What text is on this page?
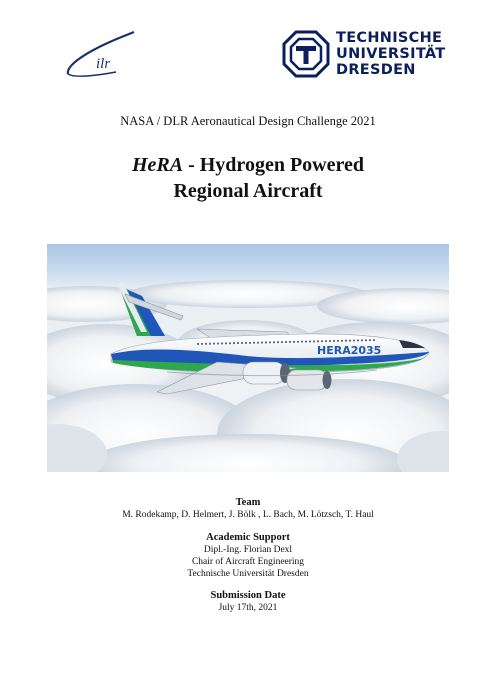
ilr
TECHNISCHE
UNIVERSITÄT
DRESDEN
NASA / DLR Aeronautical Design Challenge 2021
HeRA - Hydrogen Powered
Regional Aircraft
HERA2035
Team
M. Rodekamp, D. Helmert, J. Bölk , L. Bach, M. Lötzsch, T. Haul
Academic Support
Dipl.-Ing. Florian Dexl
Chair of Aircraft Engineering
Technische Universität Dresden
Submission Date
July 17th, 2021
